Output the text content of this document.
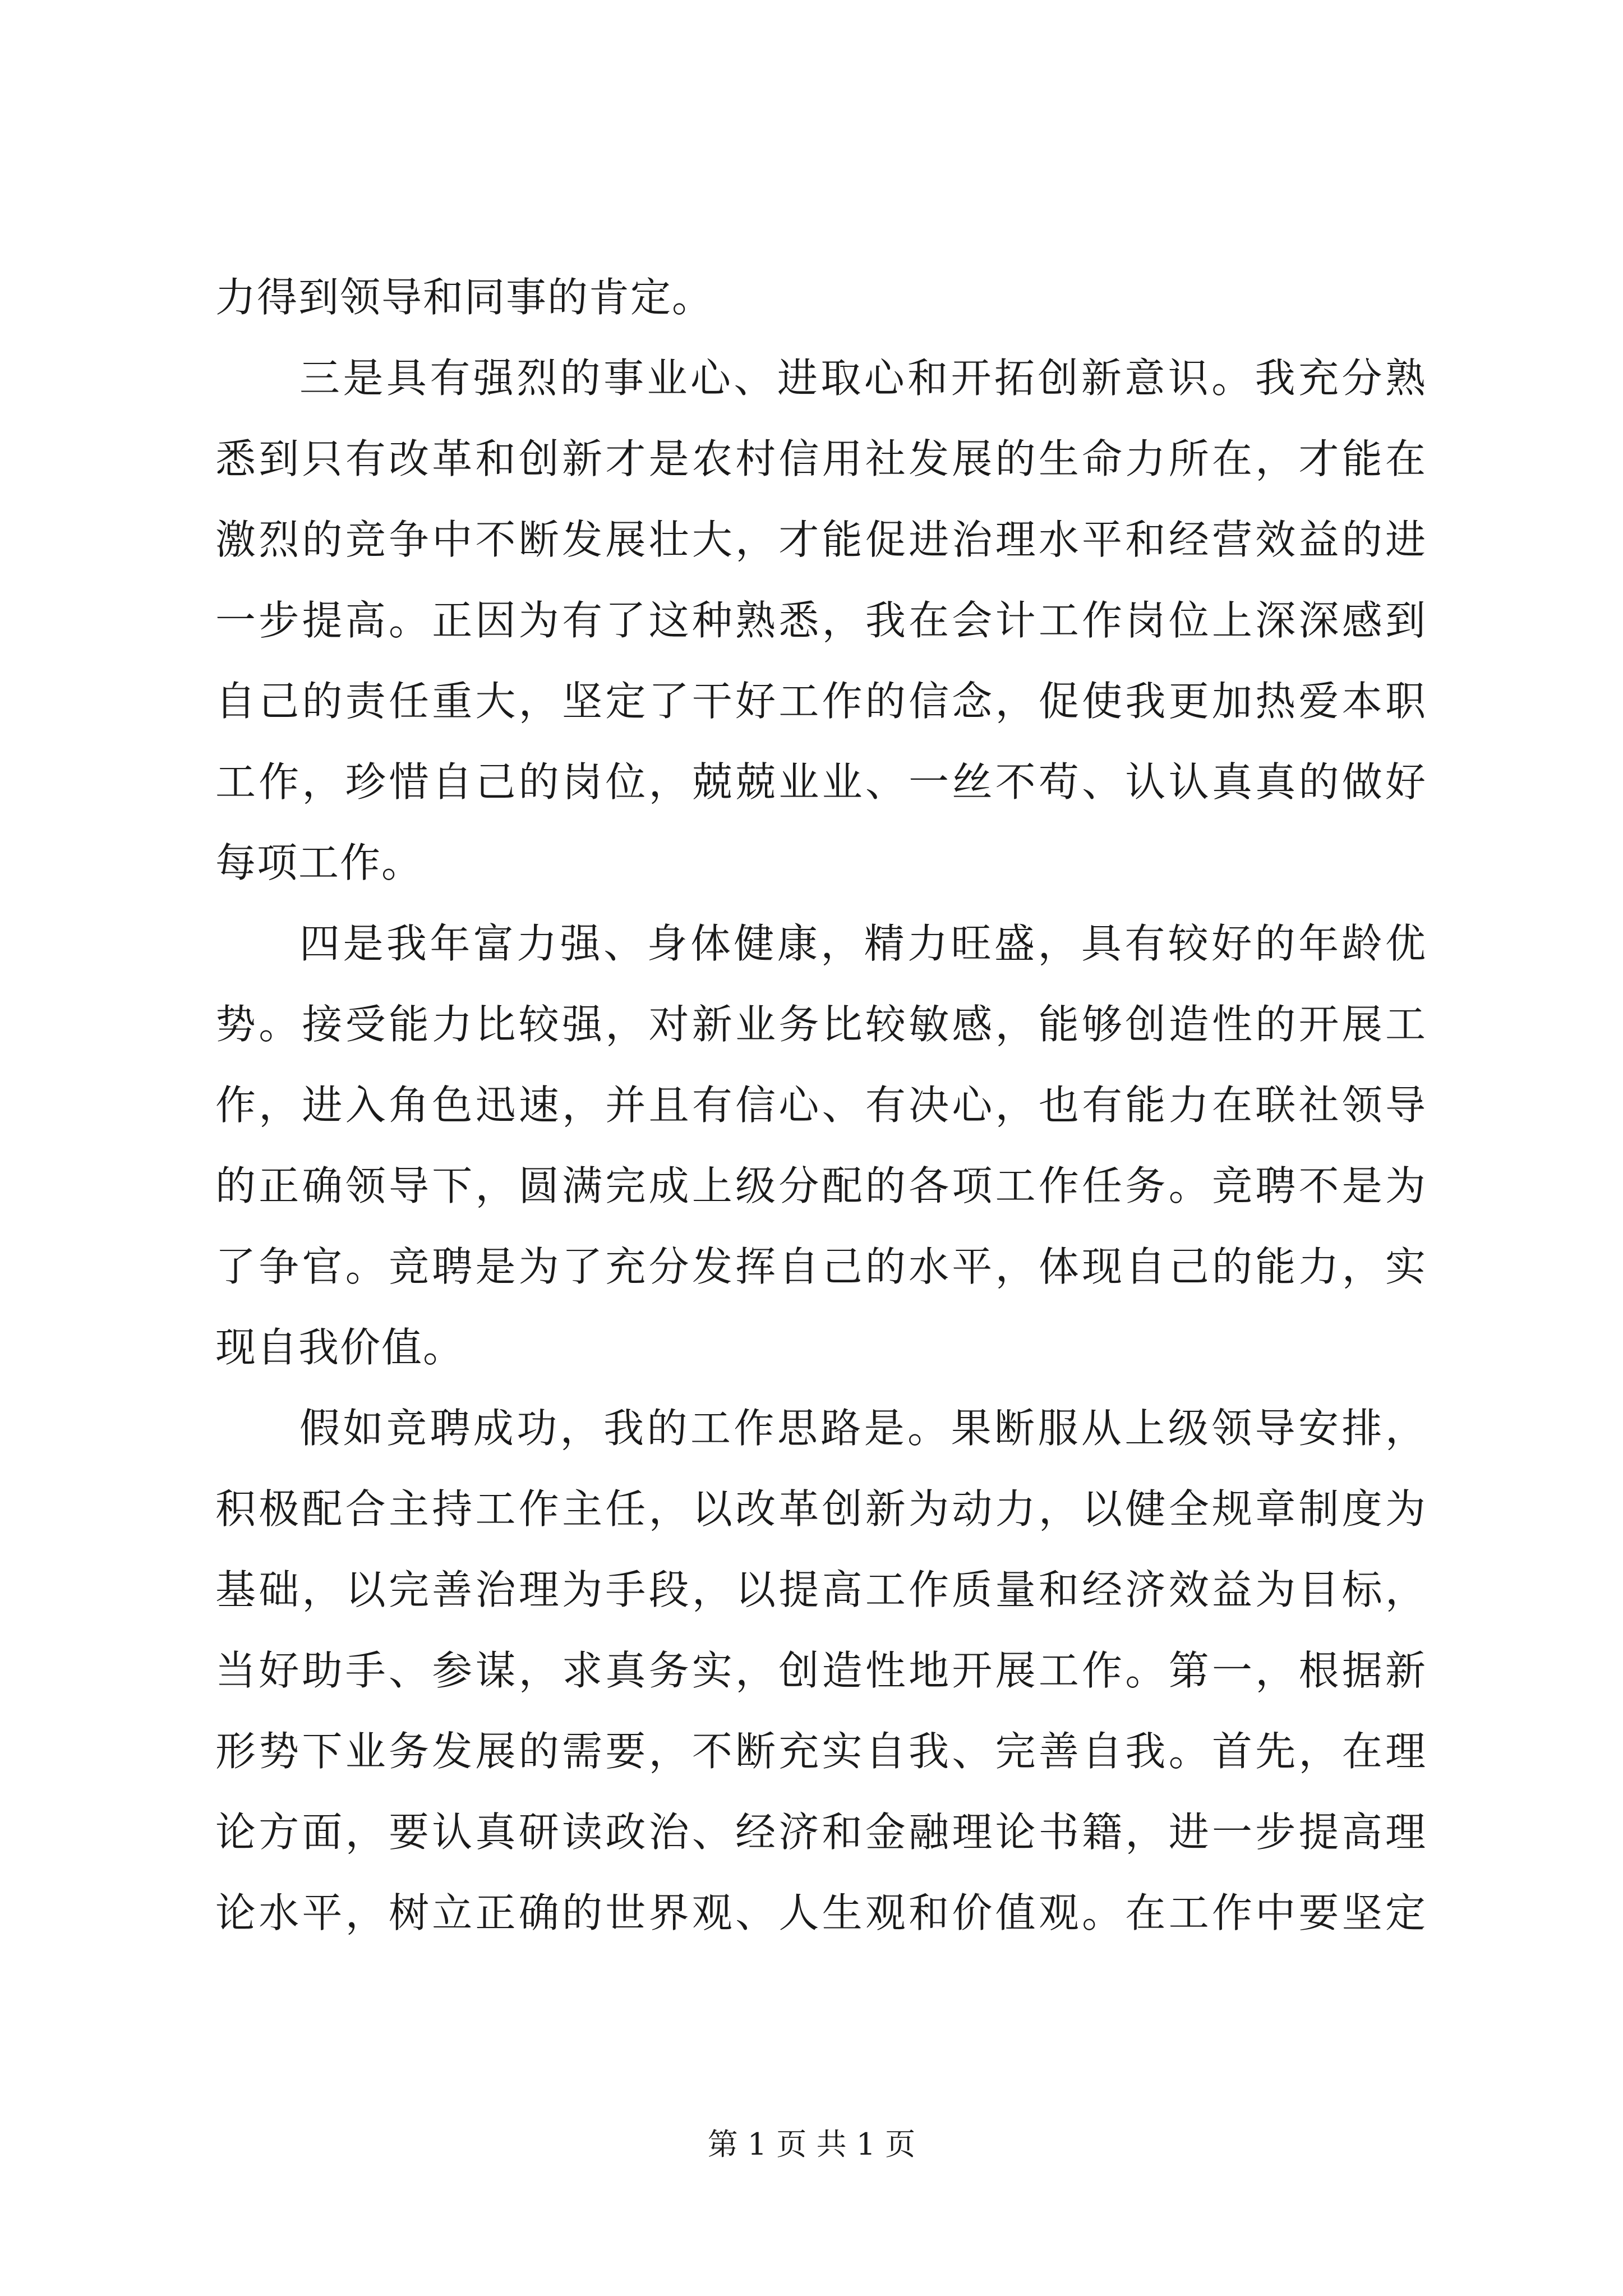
力得到领导和同事的肯定。
三是具有强烈的事业心、进取心和开拓创新意识。我充分熟
悉到只有改革和创新才是农村信用社发展的生命力所在，才能在
激烈的竞争中不断发展壮大，才能促进治理水平和经营效益的进
一步提高。正因为有了这种熟悉，我在会计工作岗位上深深感到
自己的责任重大，坚定了干好工作的信念，促使我更加热爱本职
工作，珍惜自己的岗位，兢兢业业、一丝不苟、认认真真的做好
每项工作。
四是我年富力强、身体健康，精力旺盛，具有较好的年龄优
势。接受能力比较强，对新业务比较敏感，能够创造性的开展工
作，进入角色迅速，并且有信心、有决心，也有能力在联社领导
的正确领导下，圆满完成上级分配的各项工作任务。竞聘不是为
了争官。竞聘是为了充分发挥自己的水平，体现自己的能力，实
现自我价值。
假如竞聘成功，我的工作思路是。果断服从上级领导安排，
积极配合主持工作主任，以改革创新为动力，以健全规章制度为
基础，以完善治理为手段，以提高工作质量和经济效益为目标，
当好助手、参谋，求真务实，创造性地开展工作。第一，根据新
形势下业务发展的需要，不断充实自我、完善自我。首先，在理
论方面，要认真研读政治、经济和金融理论书籍，进一步提高理
论水平，树立正确的世界观、人生观和价值观。在工作中要坚定
第 1 页 共 1 页
